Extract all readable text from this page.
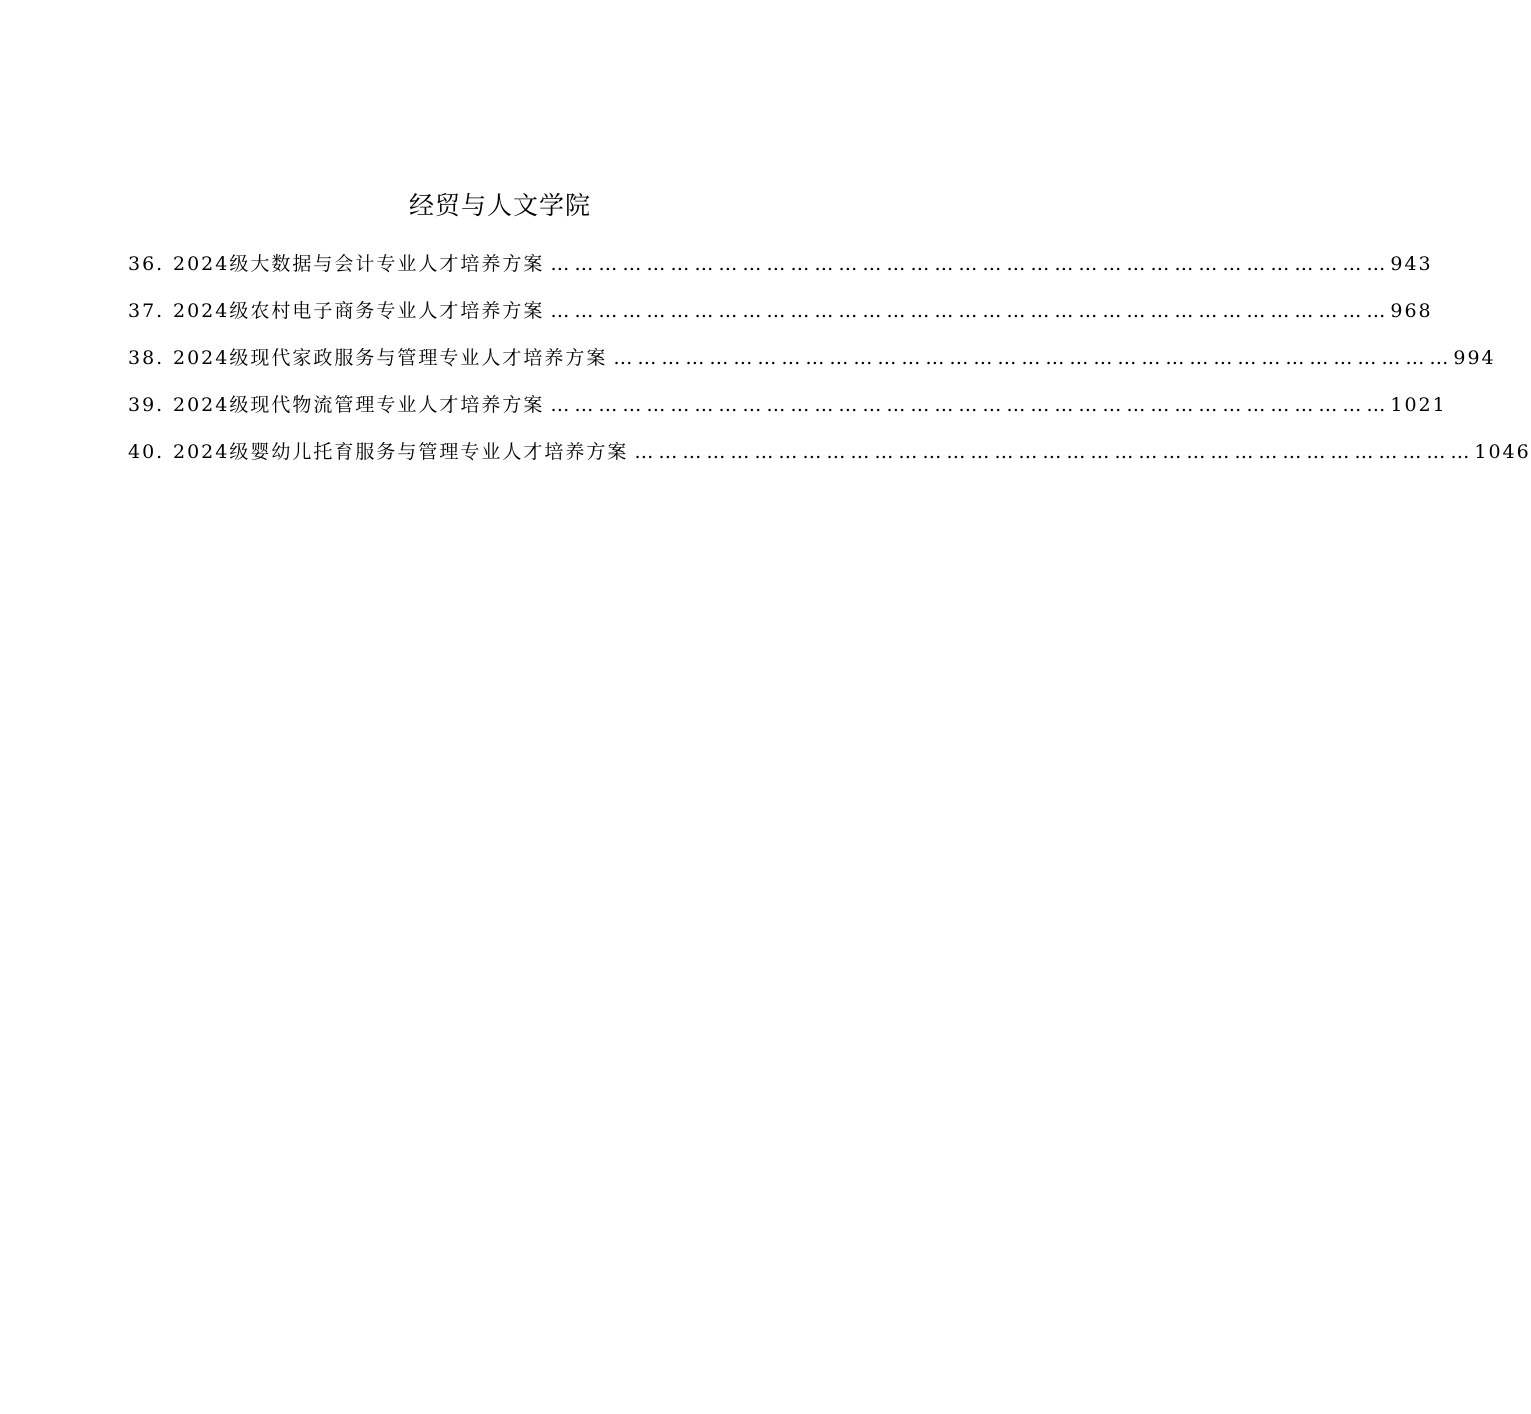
经贸与人文学院
36. 2024级大数据与会计专业人才培养方案 …………………………………………………………………………………………… 943
37. 2024级农村电子商务专业人才培养方案 …………………………………………………………………………………………… 968
38. 2024级现代家政服务与管理专业人才培养方案 …………………………………………………………………………………………… 994
39. 2024级现代物流管理专业人才培养方案 …………………………………………………………………………………………… 1021
40. 2024级婴幼儿托育服务与管理专业人才培养方案 …………………………………………………………………………………………… 1046
